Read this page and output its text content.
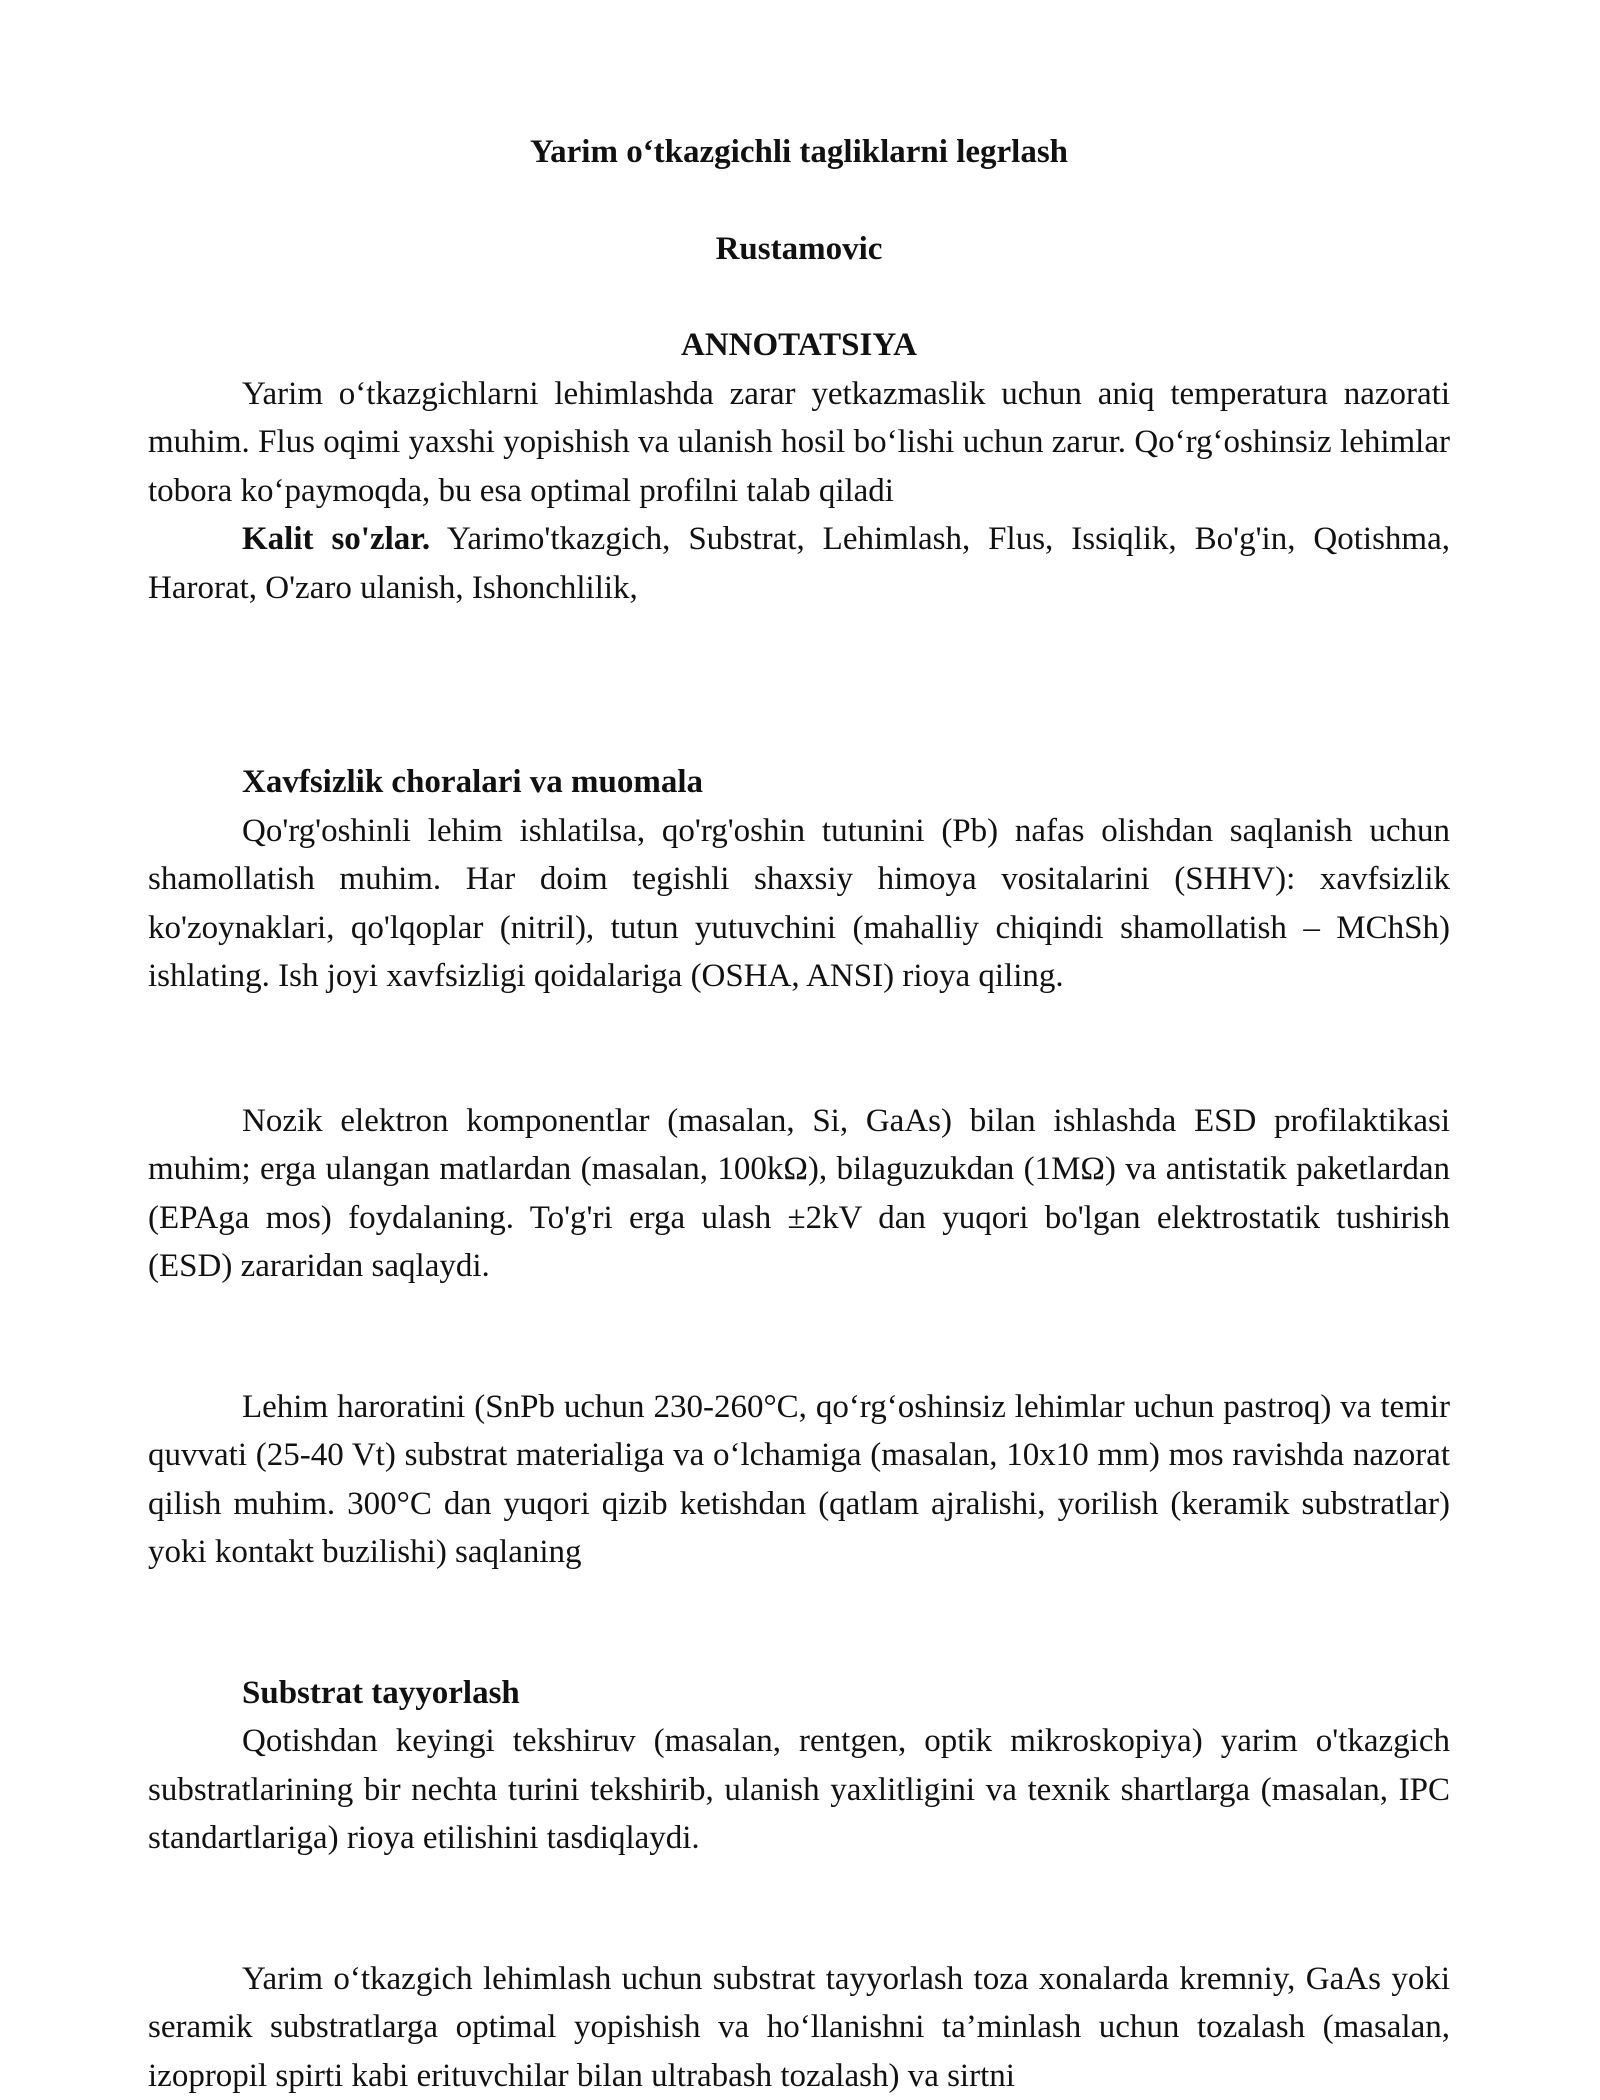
Yarim o‘tkazgichli tagliklarni legrlash
Rustamovic
ANNOTATSIYA

Yarim o‘tkazgichlarni lehimlashda zarar yetkazmaslik uchun aniq temperatura nazorati muhim. Flus oqimi yaxshi yopishish va ulanish hosil bo‘lishi uchun zarur. Qo‘rg‘oshinsiz lehimlar tobora ko‘paymoqda, bu esa optimal profilni talab qiladi

Kalit so'zlar. Yarimo'tkazgich, Substrat, Lehimlash, Flus, Issiqlik, Bo'g'in, Qotishma, Harorat, O'zaro ulanish, Ishonchlilik,

Xavfsizlik choralari va muomala

Qo'rg'oshinli lehim ishlatilsa, qo'rg'oshin tutunini (Pb) nafas olishdan saqlanish uchun shamollatish muhim. Har doim tegishli shaxsiy himoya vositalarini (SHHV): xavfsizlik ko'zoynaklari, qo'lqoplar (nitril), tutun yutuvchini (mahalliy chiqindi shamollatish – MChSh) ishlating. Ish joyi xavfsizligi qoidalariga (OSHA, ANSI) rioya qiling.

Nozik elektron komponentlar (masalan, Si, GaAs) bilan ishlashda ESD profilaktikasi muhim; erga ulangan matlardan (masalan, 100kΩ), bilaguzukdan (1MΩ) va antistatik paketlardan (EPAga mos) foydalaning. To'g'ri erga ulash ±2kV dan yuqori bo'lgan elektrostatik tushirish (ESD) zararidan saqlaydi.

Lehim haroratini (SnPb uchun 230-260°C, qo‘rg‘oshinsiz lehimlar uchun pastroq) va temir quvvati (25-40 Vt) substrat materialiga va o‘lchamiga (masalan, 10x10 mm) mos ravishda nazorat qilish muhim. 300°C dan yuqori qizib ketishdan (qatlam ajralishi, yorilish (keramik substratlar) yoki kontakt buzilishi) saqlaning

Substrat tayyorlash

Qotishdan keyingi tekshiruv (masalan, rentgen, optik mikroskopiya) yarim o'tkazgich substratlarining bir nechta turini tekshirib, ulanish yaxlitligini va texnik shartlarga (masalan, IPC standartlariga) rioya etilishini tasdiqlaydi.

Yarim o‘tkazgich lehimlash uchun substrat tayyorlash toza xonalarda kremniy, GaAs yoki seramik substratlarga optimal yopishish va ho‘llanishni ta’minlash uchun tozalash (masalan, izopropil spirti kabi erituvchilar bilan ultrabash tozalash) va sirtni
